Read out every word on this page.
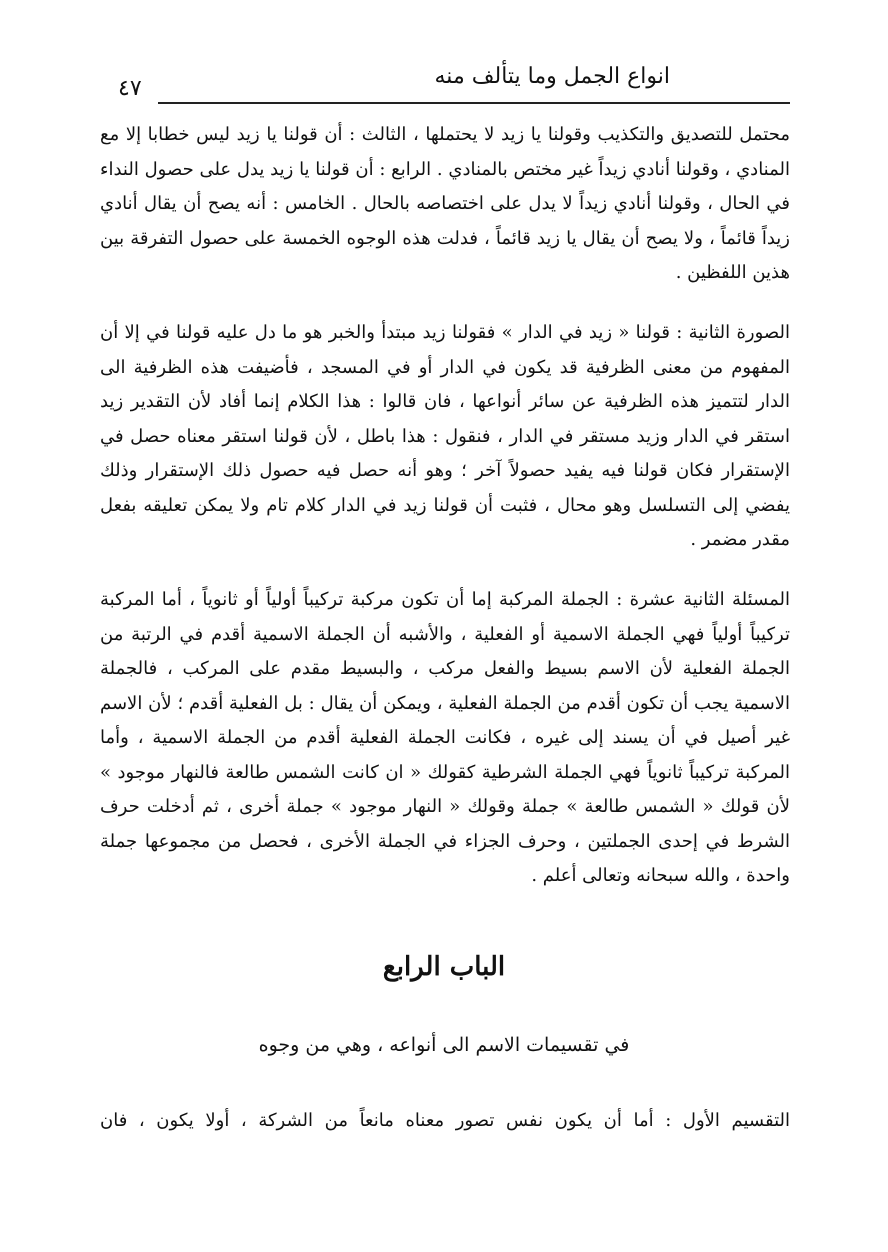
انواع الجمل وما يتألف منه
٤٧

محتمل للتصديق والتكذيب وقولنا يا زيد لا يحتملها ، الثالث : أن قولنا يا زيد ليس خطابا إلا مع المنادي ، وقولنا أنادي زيداً غير مختص بالمنادي . الرابع : أن قولنا يا زيد يدل على حصول النداء في الحال ، وقولنا أنادي زيداً لا يدل على اختصاصه بالحال . الخامس : أنه يصح أن يقال أنادي زيداً قائماً ، ولا يصح أن يقال يا زيد قائماً ، فدلت هذه الوجوه الخمسة على حصول التفرقة بين هذين اللفظين .

الصورة الثانية : قولنا « زيد في الدار » فقولنا زيد مبتدأ والخبر هو ما دل عليه قولنا في إلا أن المفهوم من معنى الظرفية قد يكون في الدار أو في المسجد ، فأضيفت هذه الظرفية الى الدار لتتميز هذه الظرفية عن سائر أنواعها ، فان قالوا : هذا الكلام إنما أفاد لأن التقدير زيد استقر في الدار وزيد مستقر في الدار ، فنقول : هذا باطل ، لأن قولنا استقر معناه حصل في الإستقرار فكان قولنا فيه يفيد حصولاً آخر ؛ وهو أنه حصل فيه حصول ذلك الإستقرار وذلك يفضي إلى التسلسل وهو محال ، فثبت أن قولنا زيد في الدار كلام تام ولا يمكن تعليقه بفعل مقدر مضمر .

المسئلة الثانية عشرة : الجملة المركبة إما أن تكون مركبة تركيباً أولياً أو ثانوياً ، أما المركبة تركيباً أولياً فهي الجملة الاسمية أو الفعلية ، والأشبه أن الجملة الاسمية أقدم في الرتبة من الجملة الفعلية لأن الاسم بسيط والفعل مركب ، والبسيط مقدم على المركب ، فالجملة الاسمية يجب أن تكون أقدم من الجملة الفعلية ، ويمكن أن يقال : بل الفعلية أقدم ؛ لأن الاسم غير أصيل في أن يسند إلى غيره ، فكانت الجملة الفعلية أقدم من الجملة الاسمية ، وأما المركبة تركيباً ثانوياً فهي الجملة الشرطية كقولك « ان كانت الشمس طالعة فالنهار موجود » لأن قولك « الشمس طالعة » جملة وقولك « النهار موجود » جملة أخرى ، ثم أدخلت حرف الشرط في إحدى الجملتين ، وحرف الجزاء في الجملة الأخرى ، فحصل من مجموعها جملة واحدة ، والله سبحانه وتعالى أعلم .

الباب الرابع
في تقسيمات الاسم الى أنواعه ، وهي من وجوه

التقسيم الأول : أما أن يكون نفس تصور معناه مانعاً من الشركة ، أولا يكون ، فان
